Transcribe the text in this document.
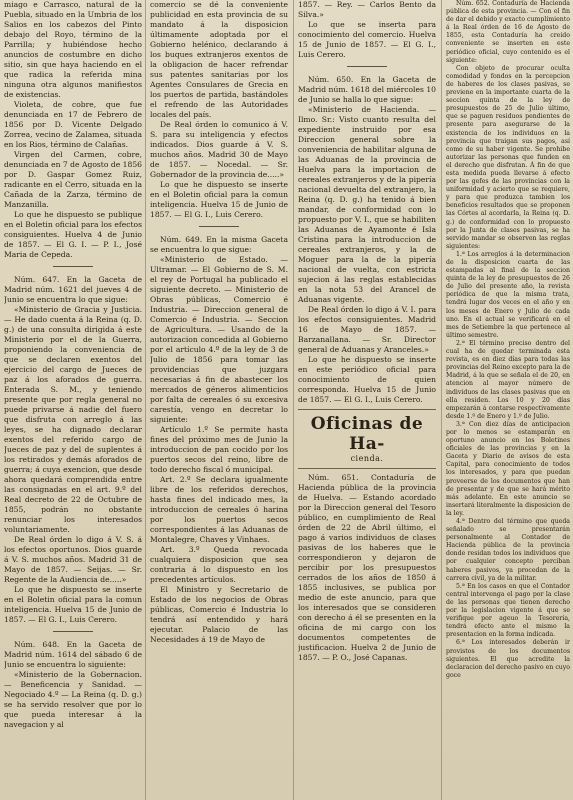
miago e Carrasco, natural de la Puebla, situado en la Umbria de los Salios en los cabezos del Pinto debajo del Royo, término de la Parrilla; y hubiéndose hecho anuncios de costumbre en dicho sitio, sin que haya haciendo en el que radica la referida mina ninguna otra algunos manifiestos de existencias.

Violeta, de cobre, que fue denunciada en 17 de Febrero de 1856 por D. Vicente Delgado Zorrea, vecino de Zalamea, situada en los Rios, término de Calañas.

Virgen del Carmen, cobre, denunciada en 7 de Agosto de 1856 por D. Gaspar Gomez Ruiz, radicante en el Cerro, situada en la Cañada de la Zarza, término de Manzanilla.

Lo que he dispuesto se publique en el Boletin oficial para los efectos consiguientes. Huelva 4 de Junio de 1857. — El G. I. — P. I., José Maria de Cepeda.

Núm. 647. En la Gaceta de Madrid núm. 1621 del jueves 4 de Junio se encuentra lo que sigue:

«Ministerio de Gracia y Justicia. — He dado cuenta á la Reina (q. D. g.) de una consulta dirigida á este Ministerio por el de la Guerra, proponiendo la conveniencia de que se declaren exentos del ejercicio del cargo de Jueces de paz á los aforados de guerra. Enterada S. M., y teniendo presente que por regla general no puede privarse á nadie del fuero que disfruta con arreglo á las leyes, se ha dignado declarar exentos del referido cargo de Jueces de paz y del de suplentes á los retirados y demás aforados de guerra; á cuya exencion, que desde ahora quedará comprendida entre las consignadas en el art. 9.º del Real decreto de 22 de Octubre de 1855, podrán no obstante renunciar los interesados voluntariamente.

De Real órden lo digo á V. S. á los efectos oportunos. Dios guarde á V. S. muchos años. Madrid 31 de Mayo de 1857. — Seijas. — Sr. Regente de la Audiencia de.....»

Lo que he dispuesto se inserte en el Boletin oficial para la comun inteligencia. Huelva 15 de Junio de 1857. — El G. I., Luis Cerero.

Núm. 648. En la Gaceta de Madrid núm. 1614 del sábado 6 de Junio se encuentra lo siguiente:

«Ministerio de la Gobernacion. — Beneficencia y Sanidad. — Negociado 4.º — La Reina (q. D. g.) se ha servido resolver que por lo que pueda interesar á la navegacion y al

comercio se dé la conveniente publicidad en esta provincia de su mandato á la disposicion últimamente adoptada por el Gobierno helénico, declarando á los buques extranjeros exentos de la obligacion de hacer refrendar sus patentes sanitarias por los Agentes Consulares de Grecia en los puertos de partida, bastándoles el refrendo de las Autoridades locales del país.

De Real órden lo comunico á V. S. para su inteligencia y efectos indicados. Dios guarde á V. S. muchos años. Madrid 30 de Mayo de 1857. — Nocedal. — Sr. Gobernador de la provincia de.....»

Lo que he dispuesto se inserte en el Boletin oficial para la comun inteligencia. Huelva 15 de Junio de 1857. — El G. I., Luis Cerero.

Núm. 649. En la misma Gaceta se encuentra lo que sigue:

«Ministerio de Estado. — Ultramar. — El Gobierno de S. M. el rey de Portugal ha publicado el siguiente decreto. — Ministerio de Obras públicas, Comercio é Industria. — Direccion general de Comercio é Industria. — Seccion de Agricultura. — Usando de la autorizacion concedida al Gobierno por el artículo 4.º de la ley de 3 de Julio de 1856 para tomar las providencias que juzgara necesarias á fin de abastecer los mercados de géneros alimenticios por falta de cereales ó su excesiva carestía, vengo en decretar lo siguiente:

Artículo 1.º Se permite hasta fines del próximo mes de Junio la introduccion de pan cocido por los puertos secos del reino, libre de todo derecho fiscal ó municipal.

Art. 2.º Se declara igualmente libre de los referidos derechos, hasta fines del indicado mes, la introduccion de cereales ó harina por los puertos secos correspondientes á las Aduanas de Montalegre, Chaves y Vinhaes.

Art. 3.º Queda revocada cualquiera disposicion que sea contraria á lo dispuesto en los precedentes artículos.

El Ministro y Secretario de Estado de los negocios de Obras públicas, Comercio é Industria lo tendrá así entendido y hará ejecutar. Palacio de las Necesidades á 19 de Mayo de

1857. — Rey. — Carlos Bento da Silva.»

Lo que se inserta para conocimiento del comercio. Huelva 15 de Junio de 1857. — El G. I., Luis Cerero.

Núm. 650. En la Gaceta de Madrid núm. 1618 del miércoles 10 de Junio se halla lo que sigue:

«Ministerio de Hacienda. — Ilmo. Sr.: Visto cuanto resulta del expediente instruido por esa Direccion general sobre la conveniencia de habilitar alguna de las Aduanas de la provincia de Huelva para la importacion de cereales extranjeros y de la pipería nacional devuelta del extranjero, la Reina (q. D. g.) ha tenido á bien mandar, de conformidad con lo propuesto por V. I., que se habiliten las Aduanas de Ayamonte é Isla Cristina para la introduccion de cereales extranjeros, y la de Moguer para la de la pipería nacional de vuelta, con estricta sujecion á las reglas establecidas en la nota 53 del Arancel de Aduanas vigente.

De Real órden lo digo á V. I. para los efectos consiguientes. Madrid 16 de Mayo de 1857. — Barzanallana. — Sr. Director general de Aduanas y Aranceles.»

Lo que he dispuesto se inserte en este periódico oficial para conocimiento de quien corresponda. Huelva 15 de Junio de 1857. — El G. I., Luis Cerero.

Oficinas de Ha-
cienda.

Núm. 651. Contaduría de Hacienda pública de la provincia de Huelva. — Estando acordado por la Direccion general del Tesoro público, en cumplimiento de Real órden de 22 de Abril último, el pago á varios individuos de clases pasivas de los haberes que le correspondieron y dejaron de percibir por los presupuestos cerrados de los años de 1850 á 1855 inclusives, se publica por medio de este anuncio, para que los interesados que se consideren con derecho á él se presenten en la oficina de mi cargo con los documentos competentes de justificacion. Huelva 2 de Junio de 1857. — P. O., José Capanas.

Núm. 652. Contaduría de Hacienda pública de esta provincia. — Con el fin de dar el debido y exacto cumplimiento á la Real órden de 16 de Agosto de 1855, esta Contaduría ha creido conveniente se inserten en este periódico oficial, cuyo contenido es el siguiente:

Con objeto de procurar oculta comodidad y fondos en la percepcion de haberes de los clases pasivas, se previene en la importante cuarta de la seccion quinta de la ley de presupuestos de 25 de Julio último, que se paguen residuos pendientes de presente para asegurarse de la existencia de los individuos en la provincia que traigan sus pagos, así como de su haber vigente. Se prohibe autorizar las personas que funden en el derecho que disfrutan. Á fin de que esta medida pueda llevarse á efecto por las gefes de las provincias con la uniformidad y acierto que se requiere, y para que produzca tambien los beneficios resultados que se proponen las Córtes al acordarla, la Reina (q. D. g.) de conformidad con lo propuesto por la Junta de clases pasivas, se ha servido mandar se observen las reglas siguientes:

1.ª Los arreglos á la determinacion de la disposicion cuarta de las estampadas al final de la seccion quinta de la ley de presupuestos de 26 de Julio del presente año, la revista periódica de que la misma trata, tendrá lugar dos veces en el año y en los meses de Enero y Julio de cada uno. En el actual se verificará en el mes de Setiembre la que pertenece al último semestre.

2.ª El término preciso dentro del cual ha de quedar terminada esta revista, es en diez días para todas las provincias del Reino excepto para la de Madrid, á la que se señala el de 20, en atencion al mayor número de individuos de las clases pasivas que en ella residen. Los 10 y 20 días empezarán á contarse respectivamente desde 1.º de Enero y 1.º de Julio.

3.ª Con diez días de anticipacion por lo menos se estamparán en oportuno anuncio en los Boletines oficiales de las provincias y en la Gaceta y Diario de avisos de esta Capital, para conocimiento de todos los interesados, y para que puedan proveerse de los documentos que han de presentar y de que se hará mérito más adelante. En este anuncio se insertará literalmente la disposicion de la ley.

4.ª Dentro del término que queda señalado se presentarán personalmente al Contador de Hacienda pública de la provincia donde residan todos los individuos que por cualquier concepto perciban haberes pasivos, ya procedan de la carrera civil, ya de la militar.

5.ª En los casos en que el Contador central intervenga el pago por la clase de las personas que tienen derecho por la legislacion vigente á que se verifique por ageuo la Tesorería, tendrá efecto ante el mismo la presentacion en la forma indicada.

6.ª Los interesados deberán ir provistos de los documentos siguientes. El que acredite la declaracion del derecho pasivo en cuyo goce
